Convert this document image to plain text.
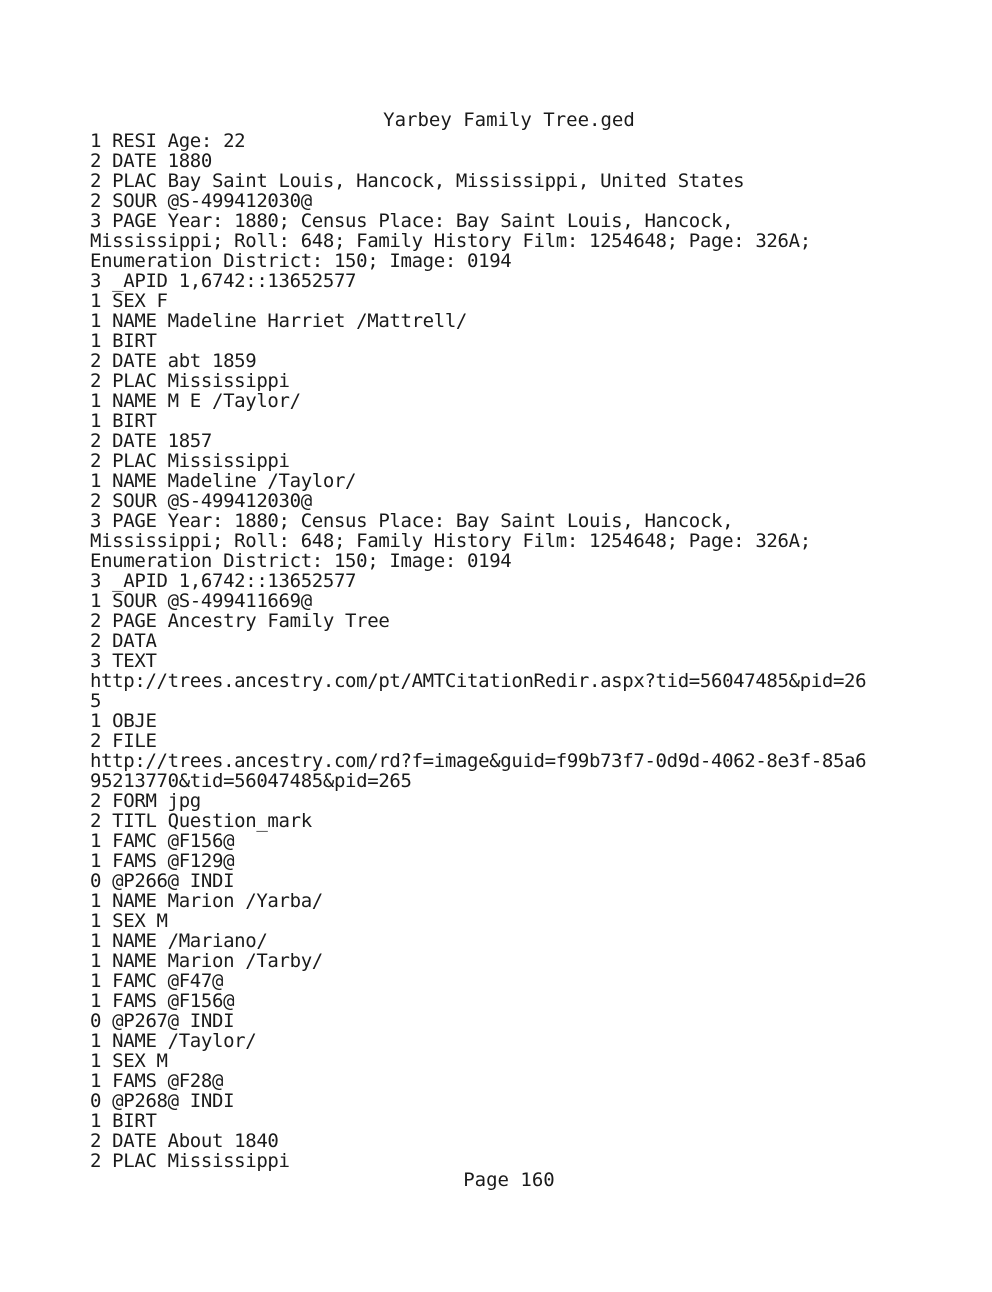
Yarbey Family Tree.ged
1 RESI Age: 22
2 DATE 1880
2 PLAC Bay Saint Louis, Hancock, Mississippi, United States
2 SOUR @S-499412030@
3 PAGE Year: 1880; Census Place: Bay Saint Louis, Hancock,
Mississippi; Roll: 648; Family History Film: 1254648; Page: 326A;
Enumeration District: 150; Image: 0194
3 _APID 1,6742::13652577
1 SEX F
1 NAME Madeline Harriet /Mattrell/
1 BIRT
2 DATE abt 1859
2 PLAC Mississippi
1 NAME M E /Taylor/
1 BIRT
2 DATE 1857
2 PLAC Mississippi
1 NAME Madeline /Taylor/
2 SOUR @S-499412030@
3 PAGE Year: 1880; Census Place: Bay Saint Louis, Hancock,
Mississippi; Roll: 648; Family History Film: 1254648; Page: 326A;
Enumeration District: 150; Image: 0194
3 _APID 1,6742::13652577
1 SOUR @S-499411669@
2 PAGE Ancestry Family Tree
2 DATA
3 TEXT
http://trees.ancestry.com/pt/AMTCitationRedir.aspx?tid=56047485&pid=26
5
1 OBJE
2 FILE
http://trees.ancestry.com/rd?f=image&guid=f99b73f7-0d9d-4062-8e3f-85a6
95213770&tid=56047485&pid=265
2 FORM jpg
2 TITL Question_mark
1 FAMC @F156@
1 FAMS @F129@
0 @P266@ INDI
1 NAME Marion /Yarba/
1 SEX M
1 NAME /Mariano/
1 NAME Marion /Tarby/
1 FAMC @F47@
1 FAMS @F156@
0 @P267@ INDI
1 NAME /Taylor/
1 SEX M
1 FAMS @F28@
0 @P268@ INDI
1 BIRT
2 DATE About 1840
2 PLAC Mississippi
Page 160
